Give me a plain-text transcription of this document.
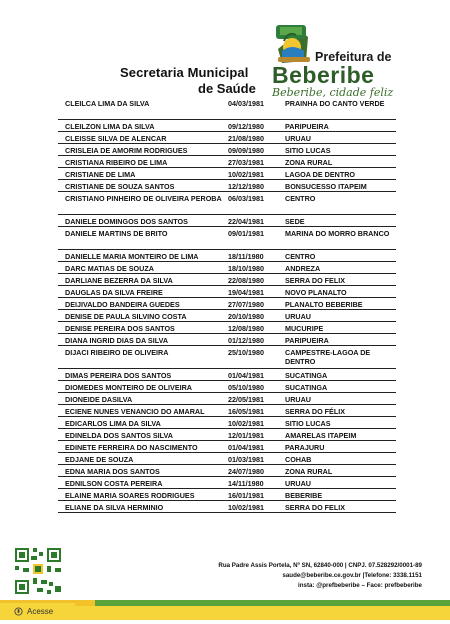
Secretaria Municipal
de Saúde
Prefeitura de
Beberibe
Beberibe, cidade feliz
CLEILCA LIMA DA SILVA	04/03/1981	PRAINHA DO CANTO VERDE
CLEILZON LIMA DA SILVA	09/12/1980	PARIPUEIRA
CLEISSE SILVA DE ALENCAR	21/08/1980	URUAU
CRISLEIA DE AMORIM RODRIGUES	09/09/1980	SITIO LUCAS
CRISTIANA RIBEIRO DE LIMA	27/03/1981	ZONA RURAL
CRISTIANE DE LIMA	10/02/1981	LAGOA DE DENTRO
CRISTIANE DE SOUZA SANTOS	12/12/1980	BONSUCESSO ITAPEIM
CRISTIANO PINHEIRO DE OLIVEIRA PEROBA 06/03/1981	CENTRO
DANIELE DOMINGOS DOS SANTOS	22/04/1981	SEDE
DANIELE MARTINS DE BRITO	09/01/1981	MARINA DO MORRO BRANCO
DANIELLE MARIA MONTEIRO DE LIMA	18/11/1980	CENTRO
DARC MATIAS DE SOUZA	18/10/1980	ANDREZA
DARLIANE BEZERRA DA SILVA	22/08/1980	SERRA DO FELIX
DAUGLAS DA SILVA FREIRE	19/04/1981	NOVO PLANALTO
DEIJIVALDO BANDEIRA GUEDES	27/07/1980	PLANALTO BEBERIBE
DENISE DE PAULA SILVINO COSTA	20/10/1980	URUAU
DENISE PEREIRA DOS SANTOS	12/08/1980	MUCURIPE
DIANA INGRID DIAS DA SILVA	01/12/1980	PARIPUEIRA
DIJACI RIBEIRO DE OLIVEIRA	25/10/1980	CAMPESTRE-LAGOA DE DENTRO
DIMAS PEREIRA DOS SANTOS	01/04/1981	SUCATINGA
DIOMEDES MONTEIRO DE OLIVEIRA	05/10/1980	SUCATINGA
DIONEIDE DASILVA	22/05/1981	URUAU
ECIENE NUNES VENANCIO DO AMARAL	16/05/1981	SERRA DO FÉLIX
EDICARLOS LIMA DA SILVA	10/02/1981	SITIO LUCAS
EDINELDA DOS SANTOS SILVA	12/01/1981	AMARELAS ITAPEIM
EDINETE FERREIRA DO NASCIMENTO	01/04/1981	PARAJURU
EDJANE DE SOUZA	01/03/1981	COHAB
EDNA MARIA DOS SANTOS	24/07/1980	ZONA RURAL
EDNILSON COSTA PEREIRA	14/11/1980	URUAU
ELAINE MARIA SOARES RODRIGUES	16/01/1981	BEBERIBE
ELIANE DA SILVA HERMINIO	10/02/1981	SERRA DO FELIX
Rua Padre Assis Portela, Nº SN, 62840-000 | CNPJ. 07.528292/0001-89
saude@beberibe.ce.gov.br |Telefone: 3338.1151
insta: @prefbeberibe – Face: prefbeberibe
Acesse
